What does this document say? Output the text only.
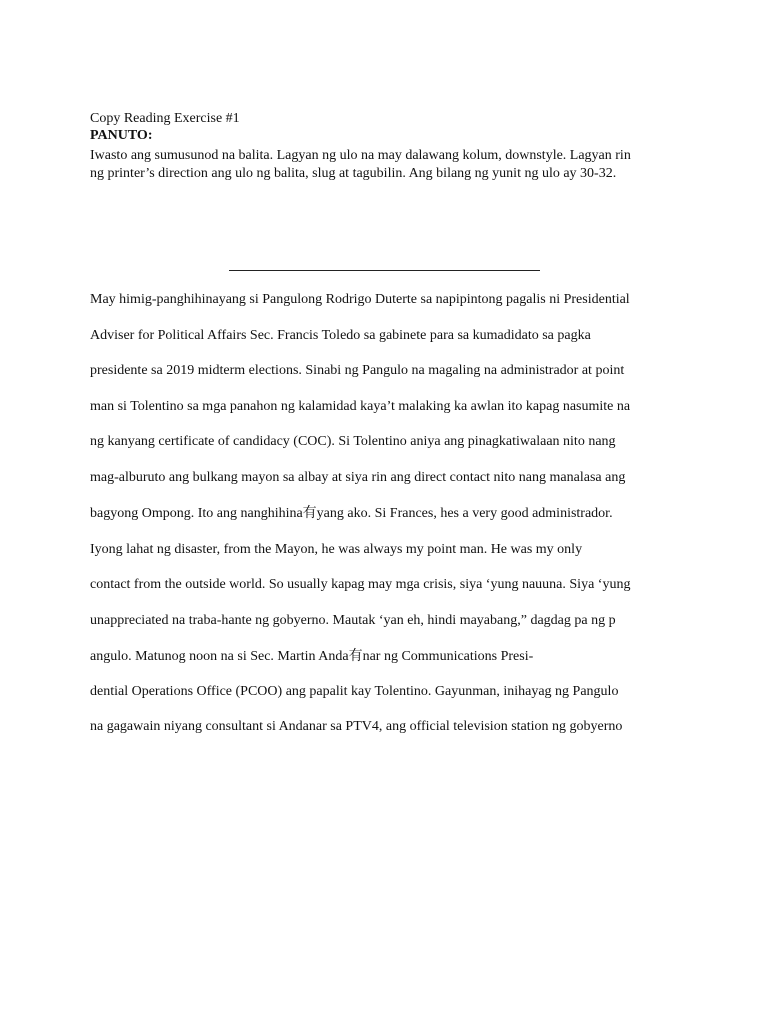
Copy Reading Exercise #1
PANUTO:
Iwasto ang sumusunod na balita. Lagyan ng ulo na may dalawang kolum, downstyle. Lagyan rin
ng printer’s direction ang ulo ng balita, slug at tagubilin. Ang bilang ng yunit ng ulo ay 30-32.
May himig-panghihinayang si Pangulong Rodrigo Duterte sa napipintong pagalis ni Presidential
Adviser for Political Affairs Sec. Francis Toledo sa gabinete para sa kumadidato sa pagka
presidente sa 2019 midterm elections. Sinabi ng Pangulo na magaling na administrador at point
man si Tolentino sa mga panahon ng kalamidad kaya’t malaking ka awlan ito kapag nasumite na
ng kanyang certificate of candidacy (COC). Si Tolentino aniya ang pinagkatiwalaan nito nang
mag-alburuto ang bulkang mayon sa albay at siya rin ang direct contact nito nang manalasa ang
bagyong Ompong. Ito ang nanghihina有yang ako. Si Frances, hes a very good administrador.
Iyong lahat ng disaster, from the Mayon, he was always my point man. He was my only
contact from the outside world. So usually kapag may mga crisis, siya ‘yung nauuna. Siya ‘yung
unappreciated na traba-hante ng gobyerno. Mautak ‘yan eh, hindi mayabang,” dagdag pa ng p
angulo. Matunog noon na si Sec. Martin Anda有nar ng Communications Presi-
dential Operations Office (PCOO) ang papalit kay Tolentino. Gayunman, inihayag ng Pangulo
na gagawain niyang consultant si Andanar sa PTV4, ang official television station ng gobyerno
